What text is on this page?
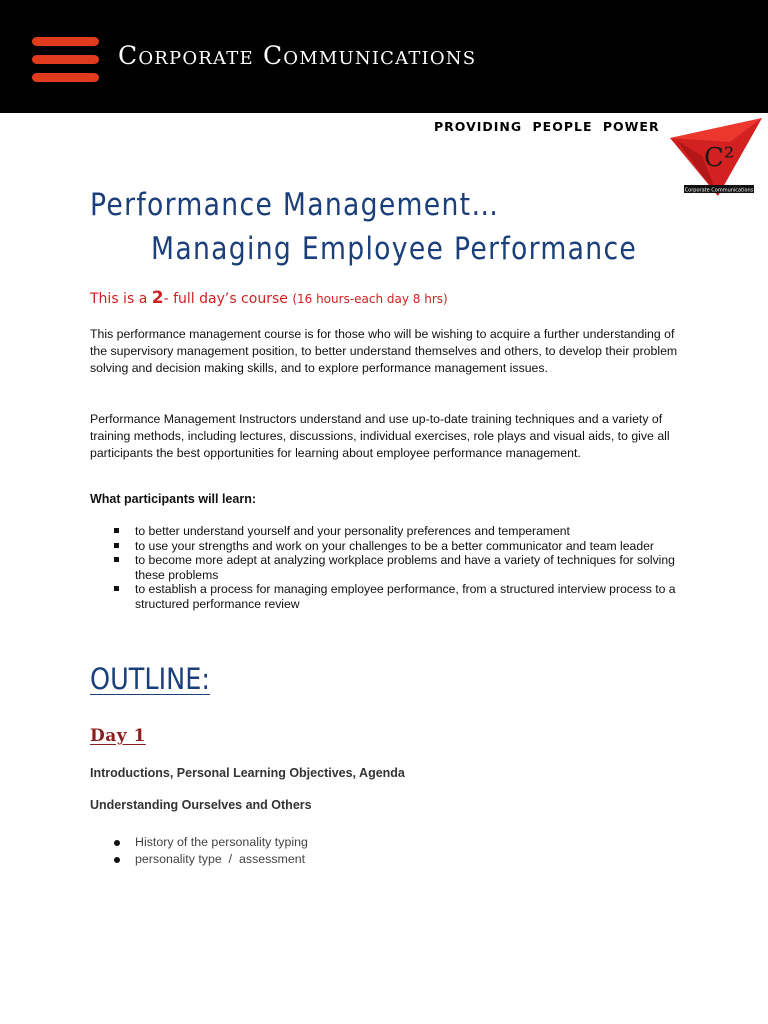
Corporate Communications
PROVIDING PEOPLE POWER
C²
Corporate Communications
Performance Management…
Managing Employee Performance
This is a 2- full day’s course (16 hours-each day 8 hrs)

This performance management course is for those who will be wishing to acquire a further understanding of the supervisory management position, to better understand themselves and others, to develop their problem solving and decision making skills, and to explore performance management issues.

Performance Management Instructors understand and use up-to-date training techniques and a variety of training methods, including lectures, discussions, individual exercises, role plays and visual aids, to give all participants the best opportunities for learning about employee performance management.

What participants will learn:

to better understand yourself and your personality preferences and temperament
to use your strengths and work on your challenges to be a better communicator and team leader
to become more adept at analyzing workplace problems and have a variety of techniques for solving these problems
to establish a process for managing employee performance, from a structured interview process to a structured performance review
OUTLINE:
Day 1

Introductions, Personal Learning Objectives, Agenda

Understanding Ourselves and Others

History of the personality typing
personality type  /  assessment
